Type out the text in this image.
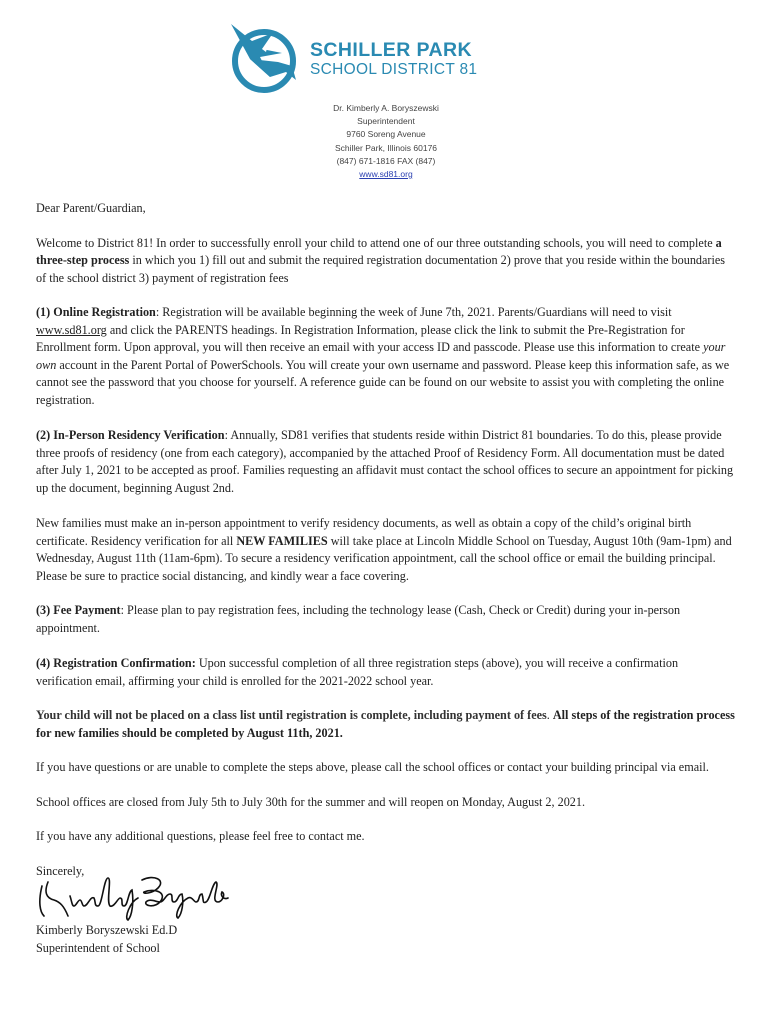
SCHILLER PARK
SCHOOL DISTRICT 81
Dr. Kimberly A. Boryszewski
Superintendent
9760 Soreng Avenue
Schiller Park, Illinois 60176
(847) 671-1816 FAX (847)
www.sd81.org

Dear Parent/Guardian,

Welcome to District 81! In order to successfully enroll your child to attend one of our three outstanding schools, you will need to complete a three-step process in which you 1) fill out and submit the required registration documentation 2) prove that you reside within the boundaries of the school district 3) payment of registration fees

(1) Online Registration: Registration will be available beginning the week of June 7th, 2021. Parents/Guardians will need to visit www.sd81.org and click the PARENTS headings. In Registration Information, please click the link to submit the Pre-Registration for Enrollment form. Upon approval, you will then receive an email with your access ID and passcode. Please use this information to create your own account in the Parent Portal of PowerSchools. You will create your own username and password. Please keep this information safe, as we cannot see the password that you choose for yourself. A reference guide can be found on our website to assist you with completing the online registration.

(2) In-Person Residency Verification: Annually, SD81 verifies that students reside within District 81 boundaries. To do this, please provide three proofs of residency (one from each category), accompanied by the attached Proof of Residency Form. All documentation must be dated after July 1, 2021 to be accepted as proof. Families requesting an affidavit must contact the school offices to secure an appointment for picking up the document, beginning August 2nd.

New families must make an in-person appointment to verify residency documents, as well as obtain a copy of the child’s original birth certificate. Residency verification for all NEW FAMILIES will take place at Lincoln Middle School on Tuesday, August 10th (9am-1pm) and Wednesday, August 11th (11am-6pm). To secure a residency verification appointment, call the school office or email the building principal. Please be sure to practice social distancing, and kindly wear a face covering.

(3) Fee Payment: Please plan to pay registration fees, including the technology lease (Cash, Check or Credit) during your in-person appointment.

(4) Registration Confirmation: Upon successful completion of all three registration steps (above), you will receive a confirmation verification email, affirming your child is enrolled for the 2021-2022 school year.

Your child will not be placed on a class list until registration is complete, including payment of fees. All steps of the registration process for new families should be completed by August 11th, 2021.

If you have questions or are unable to complete the steps above, please call the school offices or contact your building principal via email.

School offices are closed from July 5th to July 30th for the summer and will reopen on Monday, August 2, 2021.

If you have any additional questions, please feel free to contact me.

Sincerely,

Kimberly Boryszewski Ed.D
Superintendent of School
